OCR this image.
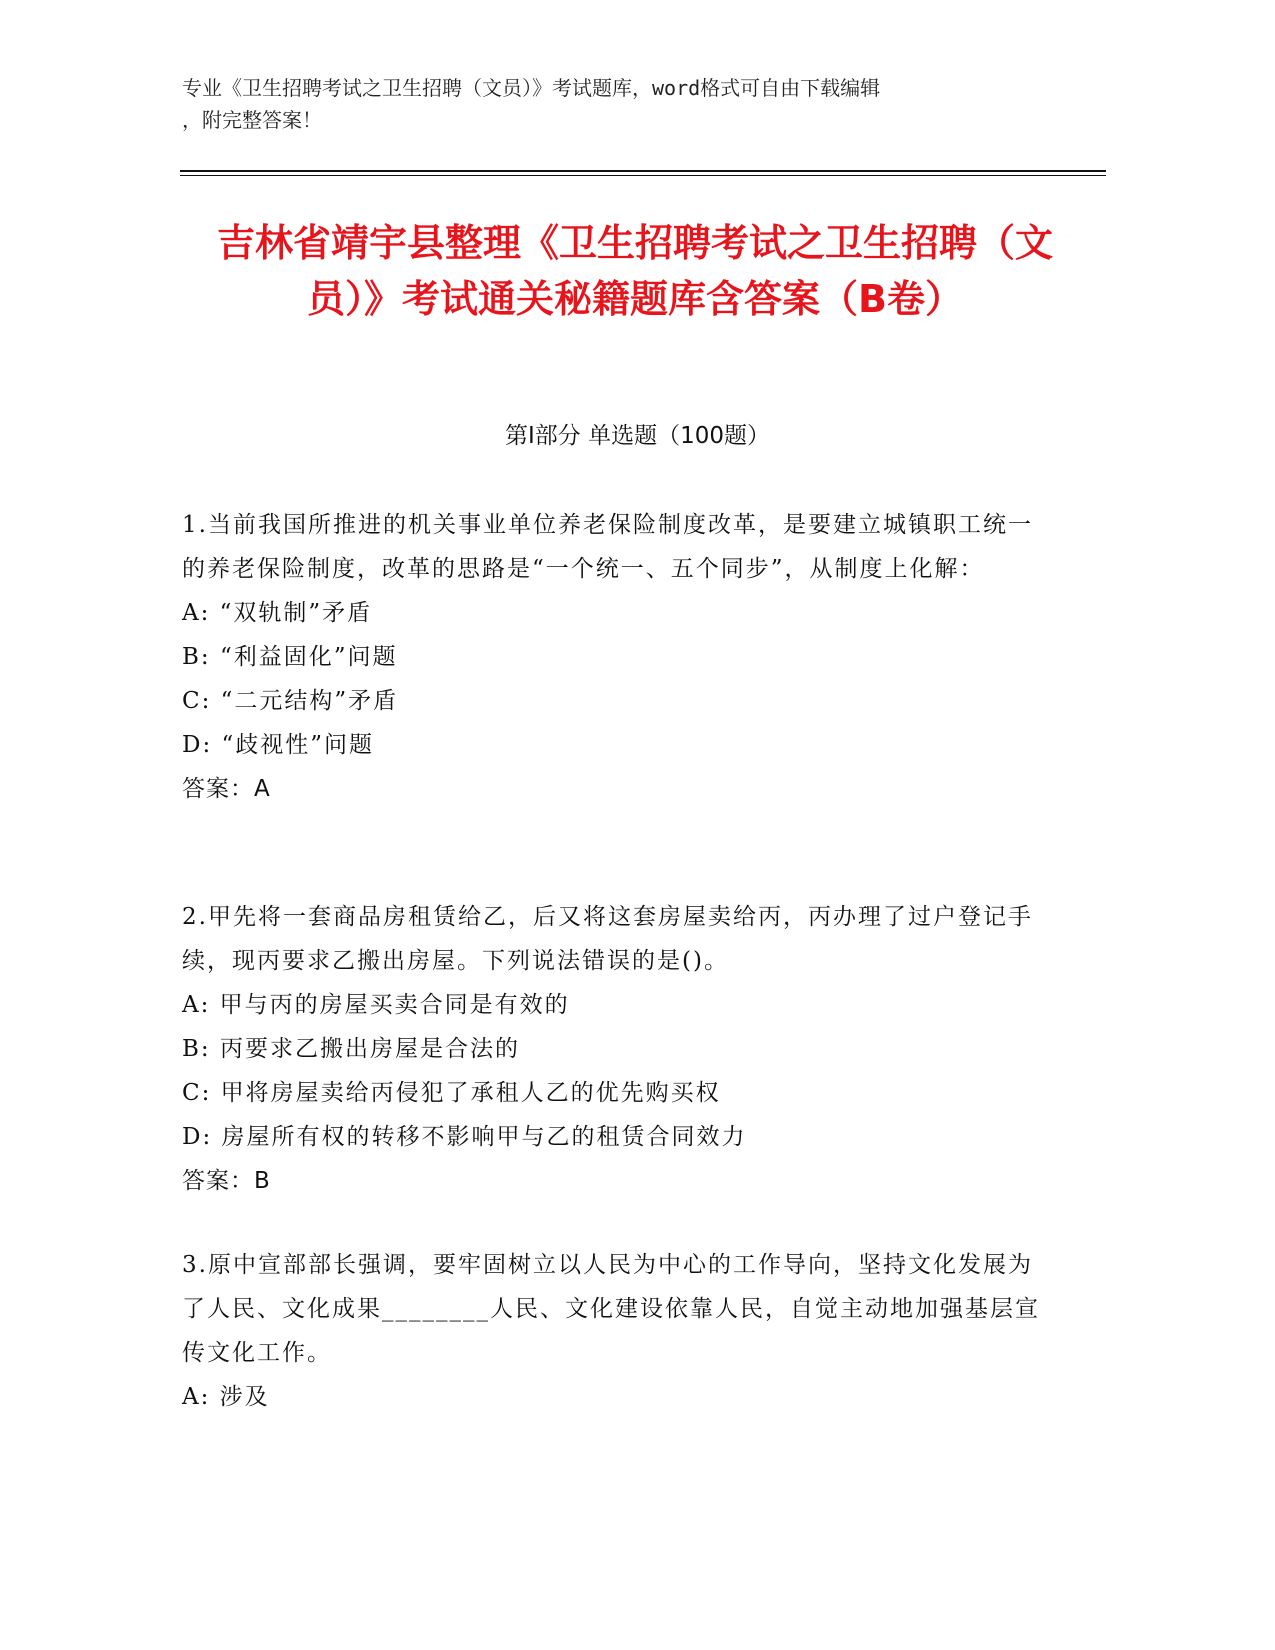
专业《卫生招聘考试之卫生招聘（文员）》考试题库，word格式可自由下载编辑
，附完整答案！
吉林省靖宇县整理《卫生招聘考试之卫生招聘（文员）》考试通关秘籍题库含答案（B卷）
第I部分 单选题（100题）
1.当前我国所推进的机关事业单位养老保险制度改革，是要建立城镇职工统一的养老保险制度，改革的思路是“一个统一、五个同步”，从制度上化解：
A: “双轨制”矛盾
B: “利益固化”问题
C: “二元结构”矛盾
D: “歧视性”问题
答案：A
2.甲先将一套商品房租赁给乙，后又将这套房屋卖给丙，丙办理了过户登记手续，现丙要求乙搬出房屋。下列说法错误的是()。
A: 甲与丙的房屋买卖合同是有效的
B: 丙要求乙搬出房屋是合法的
C: 甲将房屋卖给丙侵犯了承租人乙的优先购买权
D: 房屋所有权的转移不影响甲与乙的租赁合同效力
答案：B
3.原中宣部部长强调，要牢固树立以人民为中心的工作导向，坚持文化发展为了人民、文化成果________人民、文化建设依靠人民，自觉主动地加强基层宣传文化工作。
A: 涉及
